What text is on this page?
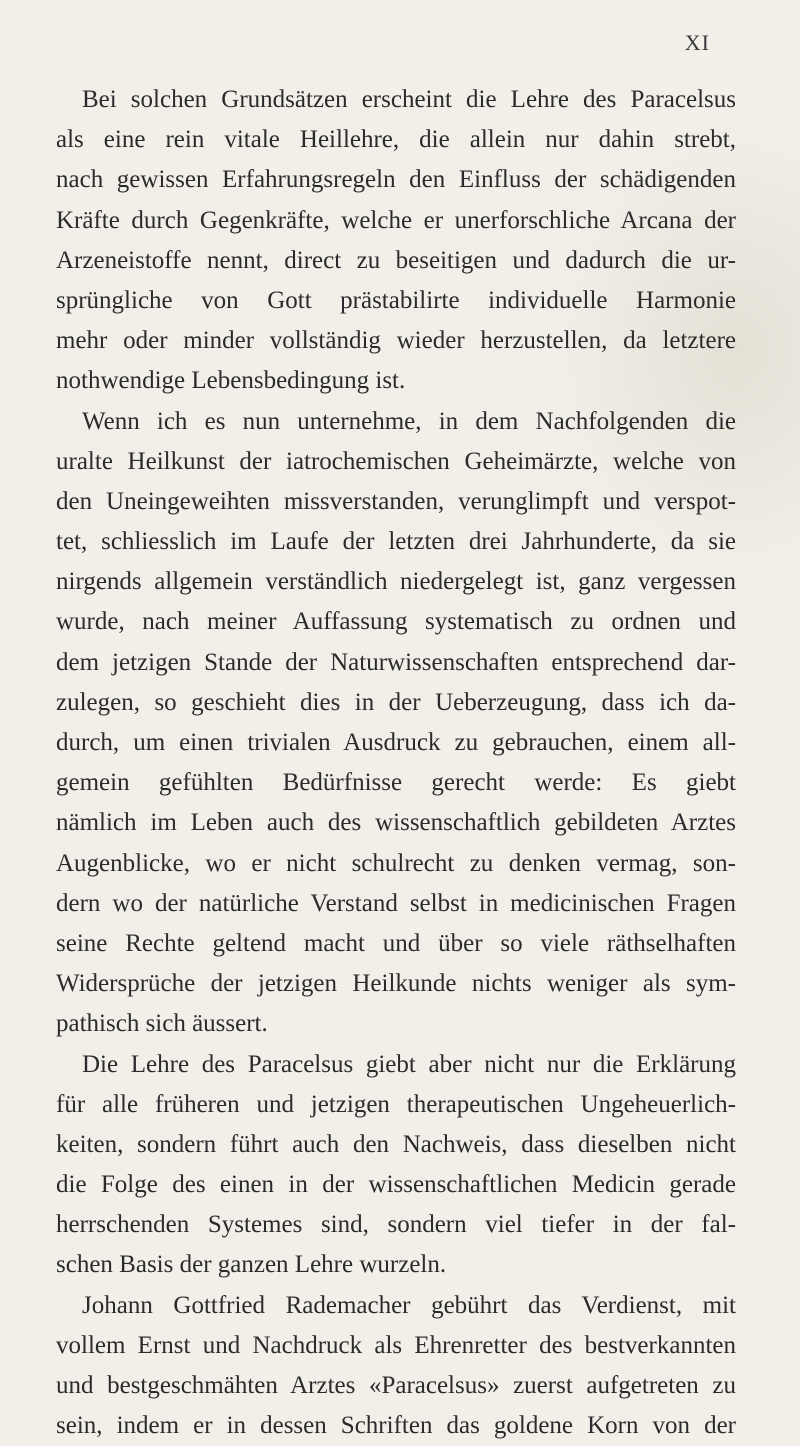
XI
Bei solchen Grundsätzen erscheint die Lehre des Paracelsus
als eine rein vitale Heillehre, die allein nur dahin strebt,
nach gewissen Erfahrungsregeln den Einfluss der schädigenden
Kräfte durch Gegenkräfte, welche er unerforschliche Arcana der
Arzeneistoffe nennt, direct zu beseitigen und dadurch die ur-
sprüngliche von Gott prästabilirte individuelle Harmonie
mehr oder minder vollständig wieder herzustellen, da letztere
nothwendige Lebensbedingung ist.
Wenn ich es nun unternehme, in dem Nachfolgenden die
uralte Heilkunst der iatrochemischen Geheimärzte, welche von
den Uneingeweihten missverstanden, verunglimpft und verspot-
tet, schliesslich im Laufe der letzten drei Jahrhunderte, da sie
nirgends allgemein verständlich niedergelegt ist, ganz vergessen
wurde, nach meiner Auffassung systematisch zu ordnen und
dem jetzigen Stande der Naturwissenschaften entsprechend dar-
zulegen, so geschieht dies in der Ueberzeugung, dass ich da-
durch, um einen trivialen Ausdruck zu gebrauchen, einem all-
gemein gefühlten Bedürfnisse gerecht werde: Es giebt
nämlich im Leben auch des wissenschaftlich gebildeten Arztes
Augenblicke, wo er nicht schulrecht zu denken vermag, son-
dern wo der natürliche Verstand selbst in medicinischen Fragen
seine Rechte geltend macht und über so viele räthselhaften
Widersprüche der jetzigen Heilkunde nichts weniger als sym-
pathisch sich äussert.
Die Lehre des Paracelsus giebt aber nicht nur die Erklärung
für alle früheren und jetzigen therapeutischen Ungeheuerlich-
keiten, sondern führt auch den Nachweis, dass dieselben nicht
die Folge des einen in der wissenschaftlichen Medicin gerade
herrschenden Systemes sind, sondern viel tiefer in der fal-
schen Basis der ganzen Lehre wurzeln.
Johann Gottfried Rademacher gebührt das Verdienst, mit
vollem Ernst und Nachdruck als Ehrenretter des bestverkannten
und bestgeschmähten Arztes «Paracelsus» zuerst aufgetreten zu
sein, indem er in dessen Schriften das goldene Korn von der
